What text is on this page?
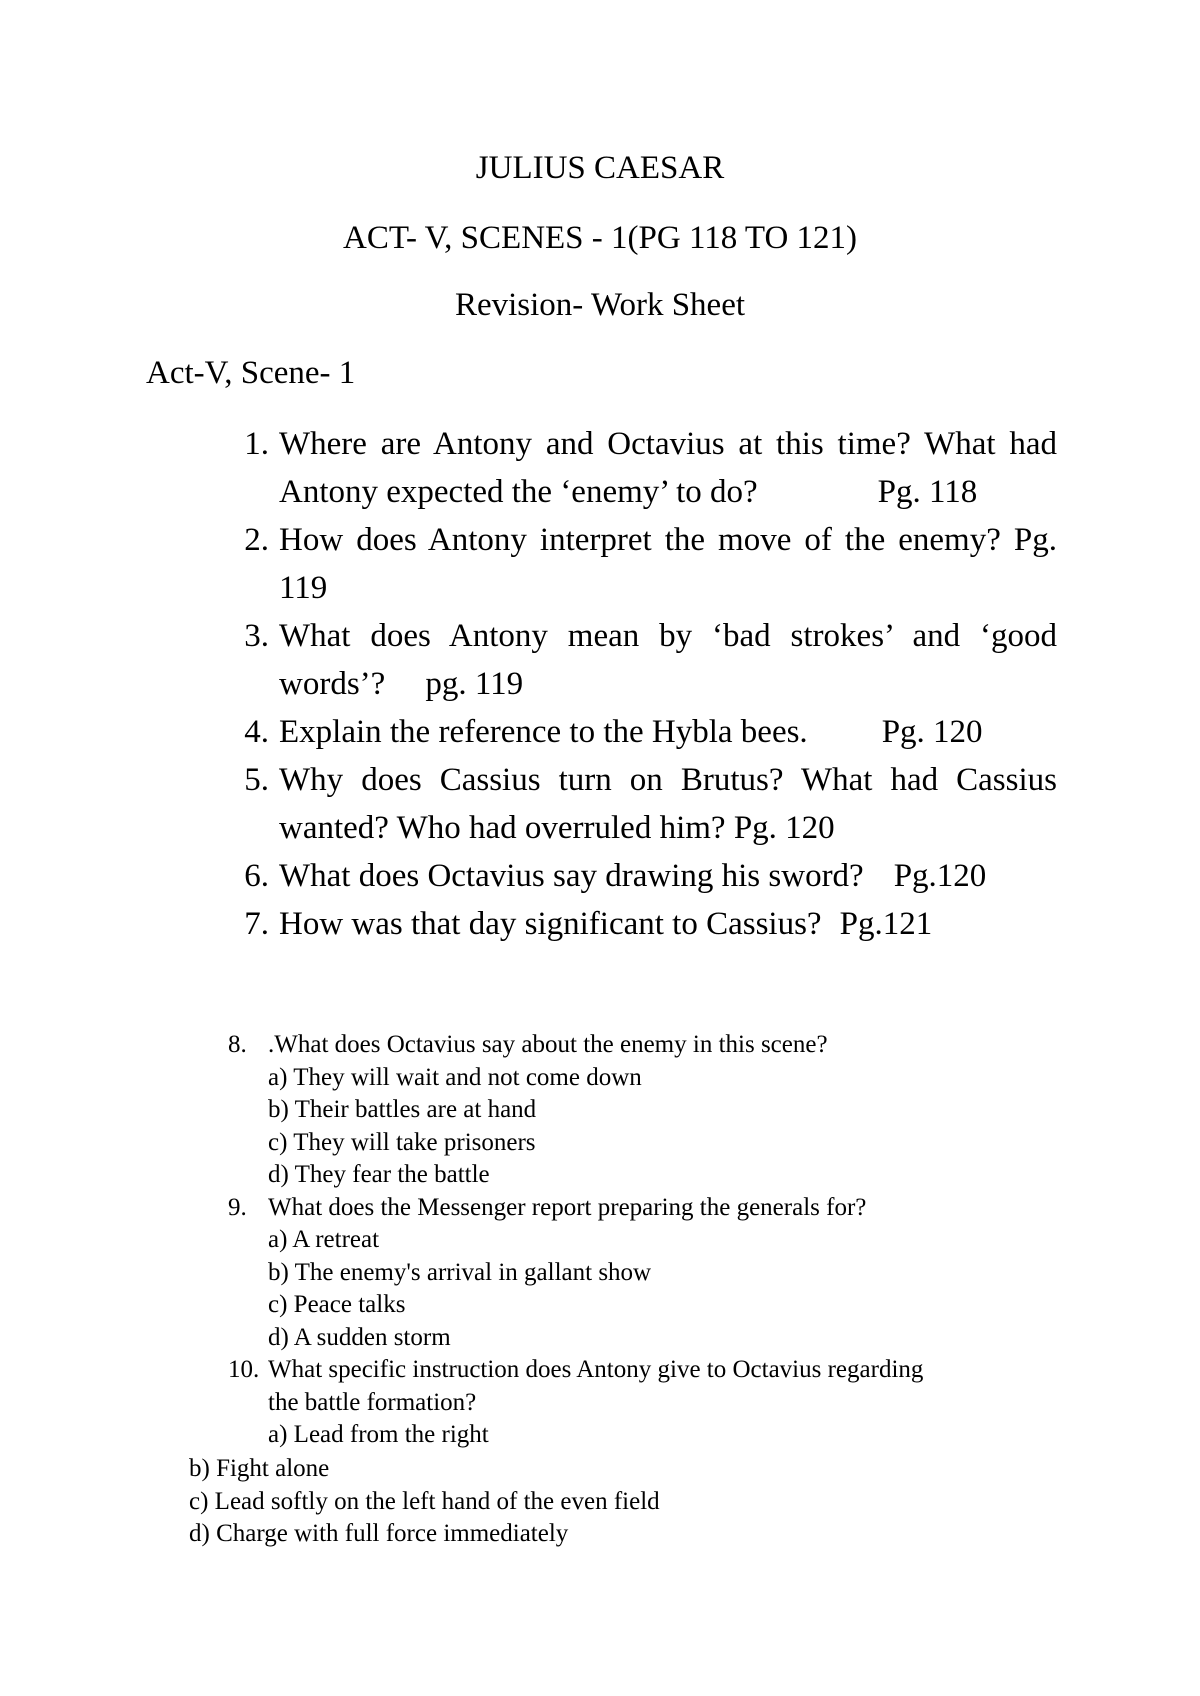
JULIUS CAESAR
ACT- V, SCENES - 1(PG 118 TO 121)
Revision- Work Sheet
Act-V, Scene- 1
1. Where are Antony and Octavius at this time? What had Antony expected the ‘enemy’ to do?	Pg. 118
2. How does Antony interpret the move of the enemy? Pg. 119
3. What does Antony mean by ‘bad strokes’ and ‘good words’? pg. 119
4. Explain the reference to the Hybla bees. Pg. 120
5. Why does Cassius turn on Brutus? What had Cassius wanted? Who had overruled him? Pg. 120
6. What does Octavius say drawing his sword? Pg.120
7. How was that day significant to Cassius? Pg.121
8. .What does Octavius say about the enemy in this scene?
a) They will wait and not come down
b) Their battles are at hand
c) They will take prisoners
d) They fear the battle
9. What does the Messenger report preparing the generals for?
a) A retreat
b) The enemy's arrival in gallant show
c) Peace talks
d) A sudden storm
10. What specific instruction does Antony give to Octavius regarding
the battle formation?
a) Lead from the right
b) Fight alone
c) Lead softly on the left hand of the even field
d) Charge with full force immediately
